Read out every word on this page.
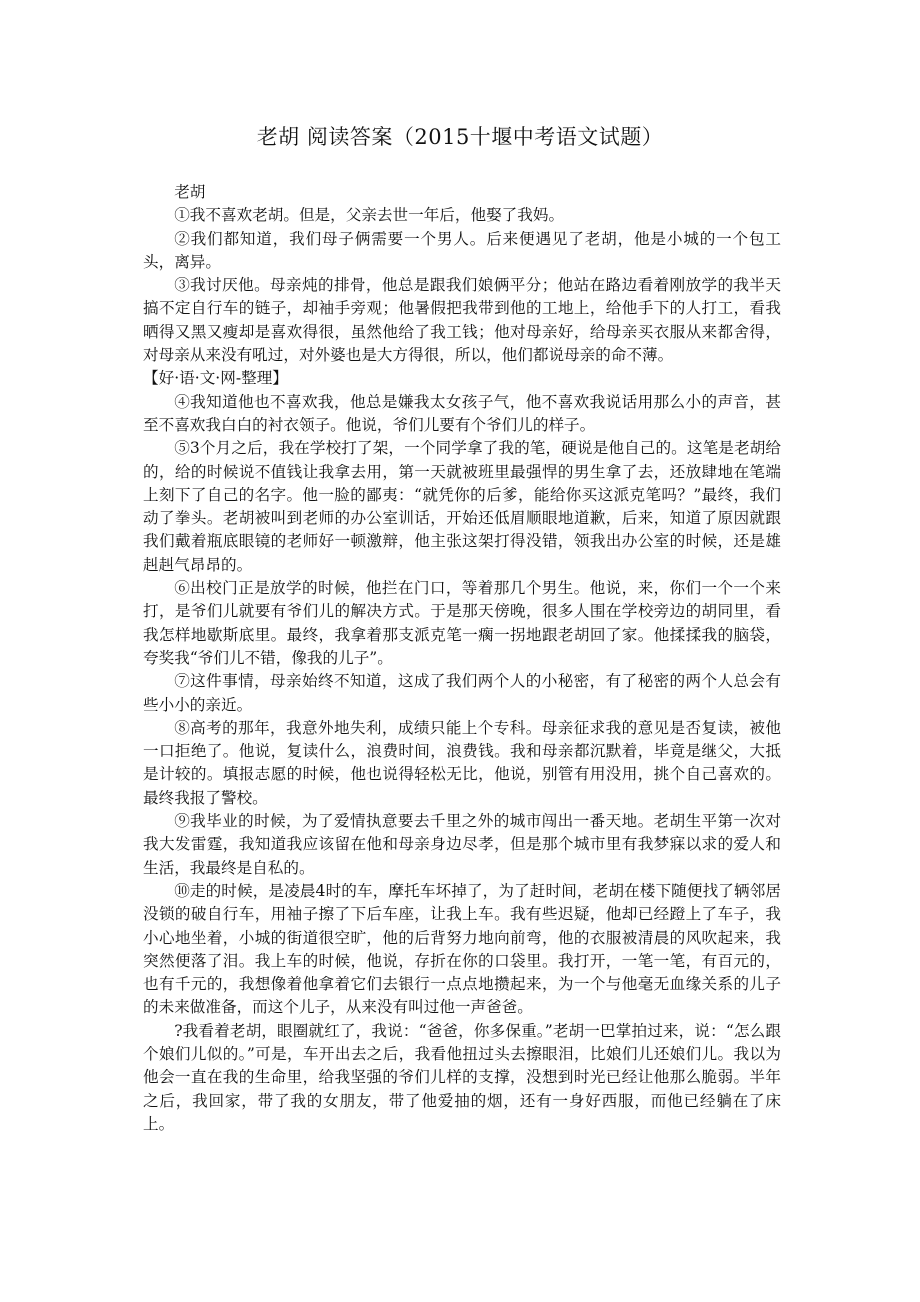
老胡 阅读答案（2015十堰中考语文试题）

老胡

①我不喜欢老胡。但是，父亲去世一年后，他娶了我妈。

②我们都知道，我们母子俩需要一个男人。后来便遇见了老胡，他是小城的一个包工头，离异。

③我讨厌他。母亲炖的排骨，他总是跟我们娘俩平分；他站在路边看着刚放学的我半天搞不定自行车的链子，却袖手旁观；他暑假把我带到他的工地上，给他手下的人打工，看我晒得又黑又瘦却是喜欢得很，虽然他给了我工钱；他对母亲好，给母亲买衣服从来都舍得，对母亲从来没有吼过，对外婆也是大方得很，所以，他们都说母亲的命不薄。

【好·语·文·网-整理】

④我知道他也不喜欢我，他总是嫌我太女孩子气，他不喜欢我说话用那么小的声音，甚至不喜欢我白白的衬衣领子。他说，爷们儿要有个爷们儿的样子。

⑤3个月之后，我在学校打了架，一个同学拿了我的笔，硬说是他自己的。这笔是老胡给的，给的时候说不值钱让我拿去用，第一天就被班里最强悍的男生拿了去，还放肆地在笔端上刻下了自己的名字。他一脸的鄙夷：“就凭你的后爹，能给你买这派克笔吗？”最终，我们动了拳头。老胡被叫到老师的办公室训话，开始还低眉顺眼地道歉，后来，知道了原因就跟我们戴着瓶底眼镜的老师好一顿激辩，他主张这架打得没错，领我出办公室的时候，还是雄赳赳气昂昂的。

⑥出校门正是放学的时候，他拦在门口，等着那几个男生。他说，来，你们一个一个来打，是爷们儿就要有爷们儿的解决方式。于是那天傍晚，很多人围在学校旁边的胡同里，看我怎样地歇斯底里。最终，我拿着那支派克笔一瘸一拐地跟老胡回了家。他揉揉我的脑袋，夸奖我“爷们儿不错，像我的儿子”。

⑦这件事情，母亲始终不知道，这成了我们两个人的小秘密，有了秘密的两个人总会有些小小的亲近。

⑧高考的那年，我意外地失利，成绩只能上个专科。母亲征求我的意见是否复读，被他一口拒绝了。他说，复读什么，浪费时间，浪费钱。我和母亲都沉默着，毕竟是继父，大抵是计较的。填报志愿的时候，他也说得轻松无比，他说，别管有用没用，挑个自己喜欢的。最终我报了警校。

⑨我毕业的时候，为了爱情执意要去千里之外的城市闯出一番天地。老胡生平第一次对我大发雷霆，我知道我应该留在他和母亲身边尽孝，但是那个城市里有我梦寐以求的爱人和生活，我最终是自私的。

⑩走的时候，是凌晨4时的车，摩托车坏掉了，为了赶时间，老胡在楼下随便找了辆邻居没锁的破自行车，用袖子擦了下后车座，让我上车。我有些迟疑，他却已经蹬上了车子，我小心地坐着，小城的街道很空旷，他的后背努力地向前弯，他的衣服被清晨的风吹起来，我突然便落了泪。我上车的时候，他说，存折在你的口袋里。我打开，一笔一笔，有百元的，也有千元的，我想像着他拿着它们去银行一点点地攒起来，为一个与他毫无血缘关系的儿子的未来做准备，而这个儿子，从来没有叫过他一声爸爸。

?我看着老胡，眼圈就红了，我说：“爸爸，你多保重。”老胡一巴掌拍过来，说：“怎么跟个娘们儿似的。”可是，车开出去之后，我看他扭过头去擦眼泪，比娘们儿还娘们儿。我以为他会一直在我的生命里，给我坚强的爷们儿样的支撑，没想到时光已经让他那么脆弱。半年之后，我回家，带了我的女朋友，带了他爱抽的烟，还有一身好西服，而他已经躺在了床上。
